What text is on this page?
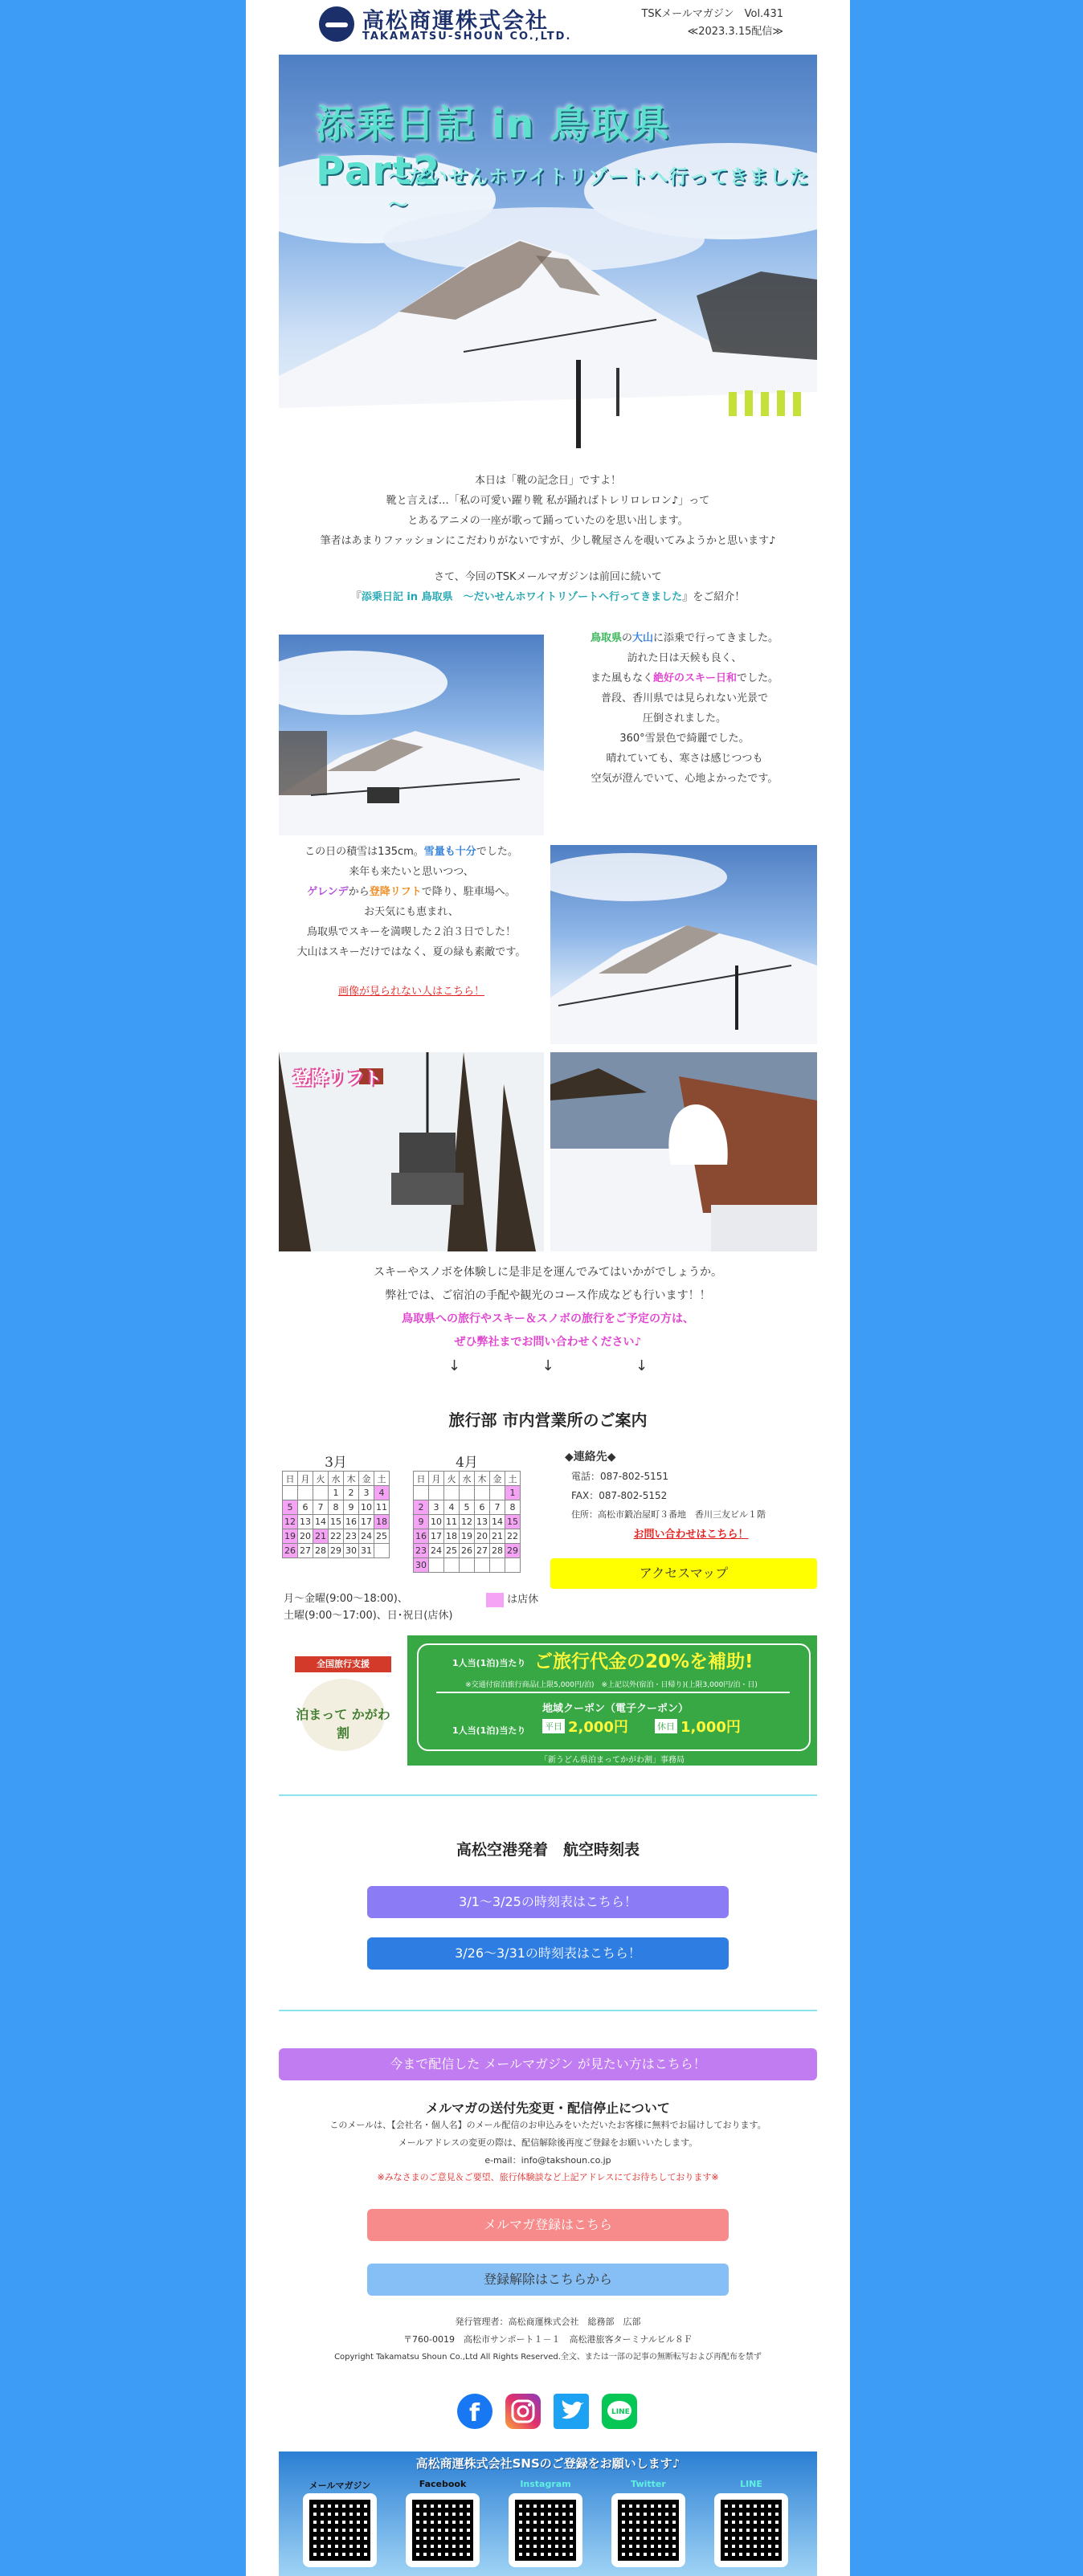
高松商運株式会社
TAKAMATSU-SHOUN CO.,LTD.
TSKメールマガジン　Vol.431
≪2023.3.15配信≫
添乗日記 in 鳥取県　Part2
～だいせんホワイトリゾートへ行ってきました～
本日は「靴の記念日」ですよ！
靴と言えば…「私の可愛い躍り靴 私が踊ればトレリロレロン♪」って
とあるアニメの一座が歌って踊っていたのを思い出します。
筆者はあまりファッションにこだわりがないですが、少し靴屋さんを覗いてみようかと思います♪
さて、今回のTSKメールマガジンは前回に続いて
『添乗日記 in 鳥取県　～だいせんホワイトリゾートへ行ってきました』をご紹介！
鳥取県の大山に添乗で行ってきました。
訪れた日は天候も良く、
また風もなく絶好のスキー日和でした。
普段、香川県では見られない光景で
圧倒されました。
360°雪景色で綺麗でした。
晴れていても、寒さは感じつつも
空気が澄んでいて、心地よかったです。
この日の積雪は135cm。雪量も十分でした。
来年も来たいと思いつつ、
ゲレンデから登降リフトで降り、駐車場へ。
お天気にも恵まれ、
鳥取県でスキーを満喫した２泊３日でした！
大山はスキーだけではなく、夏の緑も素敵です。
画像が見られない人はこちら！
登降リフト
スキーやスノボを体験しに是非足を運んでみてはいかがでしょうか。
弊社では、ご宿泊の手配や観光のコース作成なども行います！！
鳥取県への旅行やスキー＆スノボの旅行をご予定の方は、
ぜひ弊社までお問い合わせください♪
↓	↓	↓
旅行部 市内営業所のご案内
3月
日	月	火	水	木	金	土
			1	2	3	4
5	6	7	8	9	10	11
12	13	14	15	16	17	18
19	20	21	22	23	24	25
26	27	28	29	30	31	
4月
日	月	火	水	木	金	土
						1
2	3	4	5	6	7	8
9	10	11	12	13	14	15
16	17	18	19	20	21	22
23	24	25	26	27	28	29
30						
月～金曜(9:00～18:00)、
土曜(9:00～17:00)、日･祝日(店休)
は店休
◆連絡先◆
電話：087-802-5151
FAX：087-802-5152
住所：高松市鍛冶屋町３番地　香川三友ビル１階
お問い合わせはこちら！
アクセスマップ
全国旅行支援
泊まって かがわ割
1人当(1泊)当たり ご旅行代金の20%を補助!
※交通付宿泊旅行商品(上限5,000円/泊)　※上記以外(宿泊・日帰り)(上限3,000円/泊・日)
地域クーポン（電子クーポン）
1人当(1泊)当たり 平日 2,000円	休日 1,000円
「新うどん県泊まってかがわ割」事務局
高松空港発着　航空時刻表
3/1～3/25の時刻表はこちら！
3/26～3/31の時刻表はこちら！
今まで配信した メールマガジン が見たい方はこちら！
メルマガの送付先変更・配信停止について
このメールは、【会社名・個人名】のメール配信のお申込みをいただいたお客様に無料でお届けしております。
メールアドレスの変更の際は、配信解除後再度ご登録をお願いいたします。
e-mail：info@takshoun.co.jp
※みなさまのご意見＆ご要望、旅行体験談など上記アドレスにてお待ちしております※
メルマガ登録はこちら
登録解除はこちらから
発行管理者：高松商運株式会社　総務部　広部
〒760-0019　高松市サンポート１－１　高松港旅客ターミナルビル８Ｆ
Copyright Takamatsu Shoun Co.,Ltd All Rights Reserved.全文、または一部の記事の無断転写および再配布を禁ず
f	LINE
高松商運株式会社SNSのご登録をお願いします♪
メールマガジン	Facebook	Instagram	Twitter	LINE
